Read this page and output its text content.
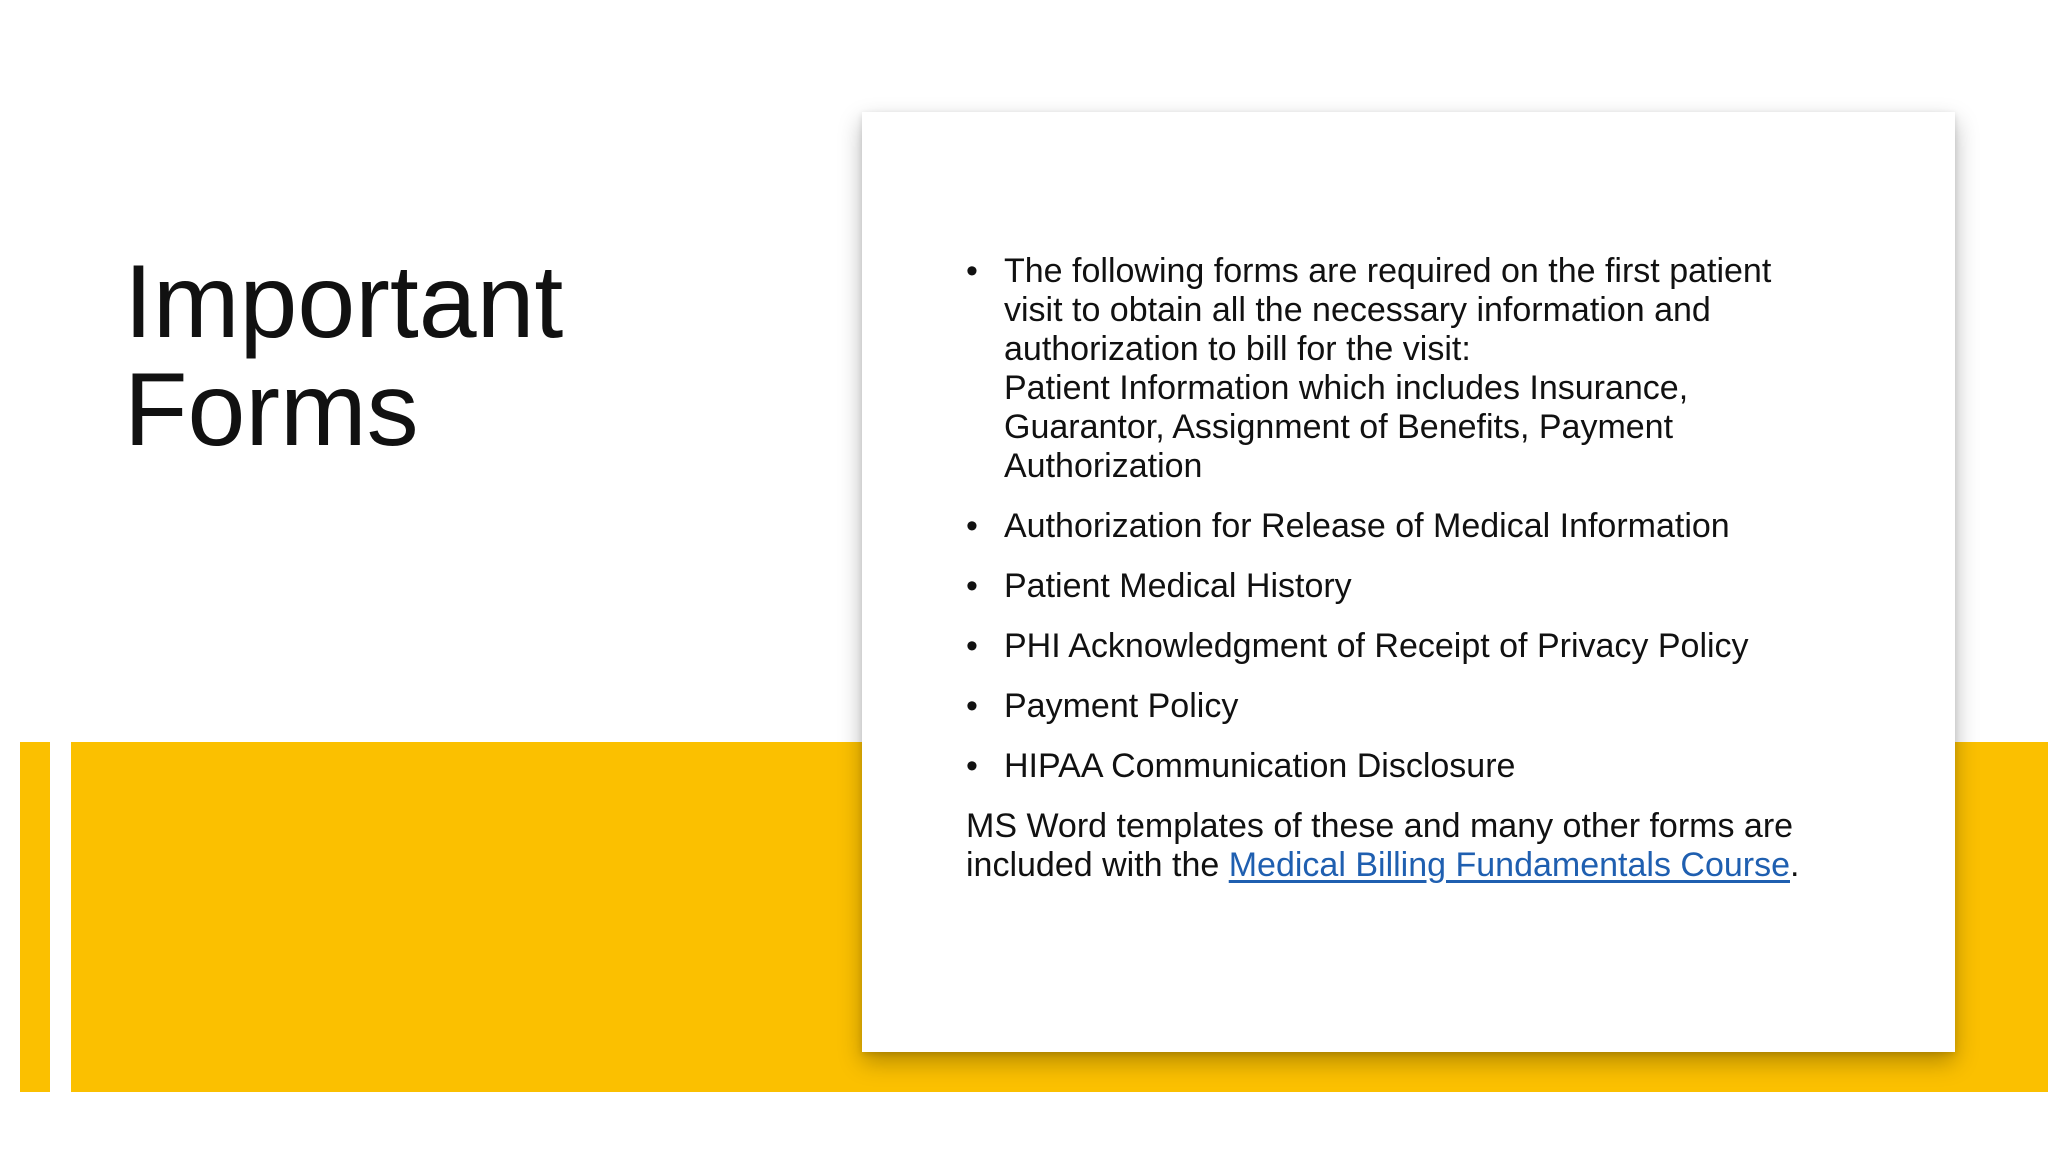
Important
Forms
• The following forms are required on the first patient
visit to obtain all the necessary information and
authorization to bill for the visit:
Patient Information which includes Insurance,
Guarantor, Assignment of Benefits, Payment
Authorization
• Authorization for Release of Medical Information
• Patient Medical History
• PHI Acknowledgment of Receipt of Privacy Policy
• Payment Policy
• HIPAA Communication Disclosure

MS Word templates of these and many other forms are
included with the Medical Billing Fundamentals Course.
